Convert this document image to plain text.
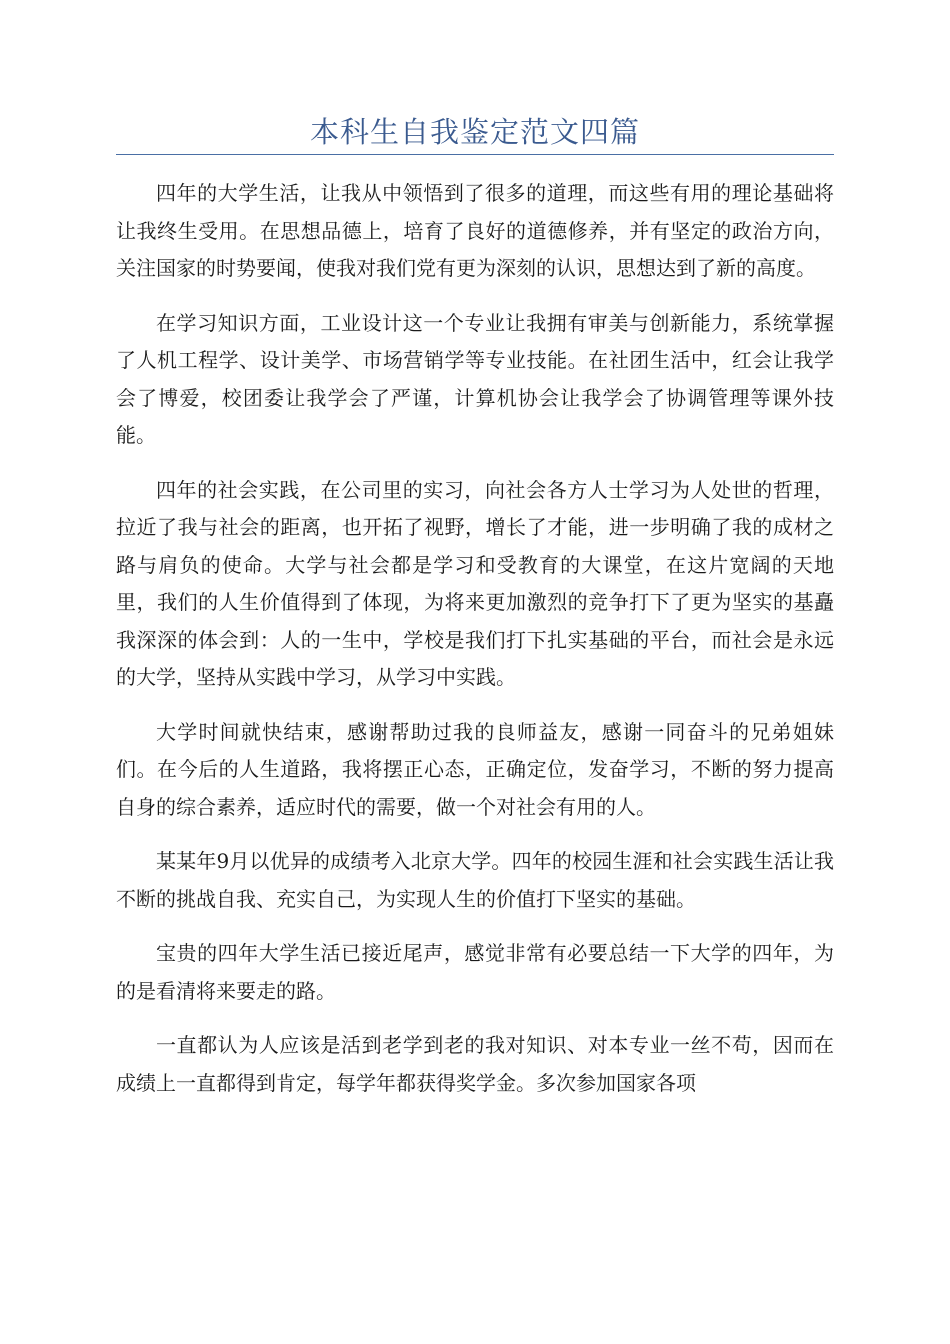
本科生自我鉴定范文四篇

四年的大学生活，让我从中领悟到了很多的道理，而这些有用的理论基础将让我终生受用。在思想品德上，培育了良好的道德修养，并有坚定的政治方向，关注国家的时势要闻，使我对我们党有更为深刻的认识，思想达到了新的高度。

在学习知识方面，工业设计这一个专业让我拥有审美与创新能力，系统掌握了人机工程学、设计美学、市场营销学等专业技能。在社团生活中，红会让我学会了博爱，校团委让我学会了严谨，计算机协会让我学会了协调管理等课外技能。

四年的社会实践，在公司里的实习，向社会各方人士学习为人处世的哲理，拉近了我与社会的距离，也开拓了视野，增长了才能，进一步明确了我的成材之路与肩负的使命。大学与社会都是学习和受教育的大课堂，在这片宽阔的天地里，我们的人生价值得到了体现，为将来更加激烈的竞争打下了更为坚实的基矗我深深的体会到：人的一生中，学校是我们打下扎实基础的平台，而社会是永远的大学，坚持从实践中学习，从学习中实践。

大学时间就快结束，感谢帮助过我的良师益友，感谢一同奋斗的兄弟姐妹们。在今后的人生道路，我将摆正心态，正确定位，发奋学习，不断的努力提高自身的综合素养，适应时代的需要，做一个对社会有用的人。

某某年9月以优异的成绩考入北京大学。四年的校园生涯和社会实践生活让我不断的挑战自我、充实自己，为实现人生的价值打下坚实的基础。

宝贵的四年大学生活已接近尾声，感觉非常有必要总结一下大学的四年，为的是看清将来要走的路。

一直都认为人应该是活到老学到老的我对知识、对本专业一丝不苟，因而在成绩上一直都得到肯定，每学年都获得奖学金。多次参加国家各项
